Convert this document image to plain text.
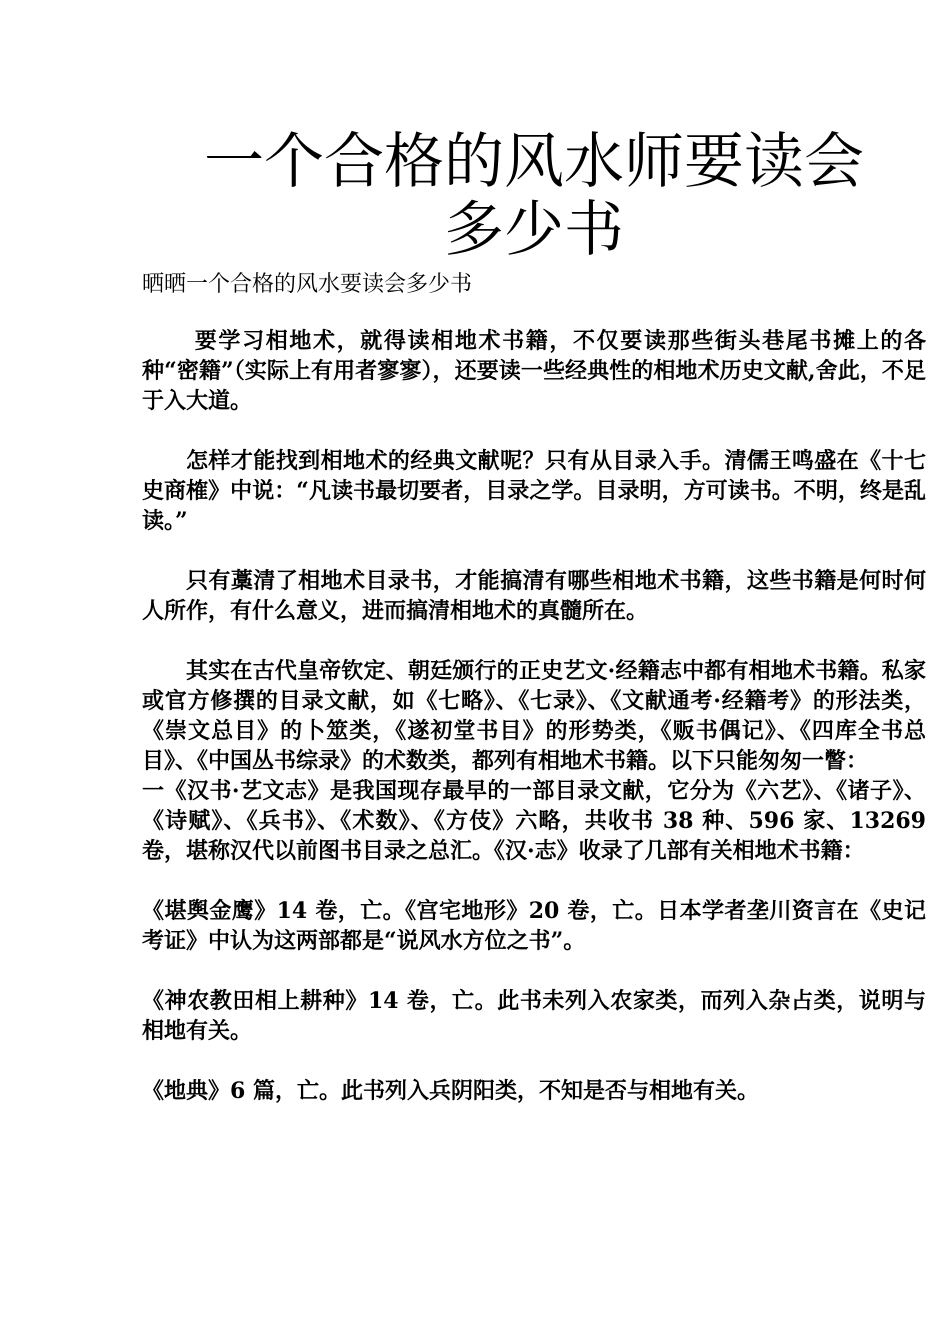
一个合格的风水师要读会
多少书

晒晒一个合格的风水要读会多少书

要学习相地术，就得读相地术书籍，不仅要读那些街头巷尾书摊上的各种“密籍”（实际上有用者寥寥），还要读一些经典性的相地术历史文献,舍此，不足于入大道。

怎样才能找到相地术的经典文献呢？只有从目录入手。清儒王鸣盛在《十七史商榷》中说：“凡读书最切要者，目录之学。目录明，方可读书。不明，终是乱读。”

只有藁清了相地术目录书，才能搞清有哪些相地术书籍，这些书籍是何时何人所作，有什么意义，进而搞清相地术的真髓所在。

其实在古代皇帝钦定、朝廷颁行的正史艺文·经籍志中都有相地术书籍。私家或官方修撰的目录文献，如《七略》、《七录》、《文献通考·经籍考》的形法类，《崇文总目》的卜筮类，《遂初堂书目》的形势类，《贩书偶记》、《四库全书总目》、《中国丛书综录》的术数类，都列有相地术书籍。以下只能匆匆一瞥：

一《汉书·艺文志》是我国现存最早的一部目录文献，它分为《六艺》、《诸子》、《诗赋》、《兵书》、《术数》、《方伎》六略，共收书 38 种、596 家、13269 卷，堪称汉代以前图书目录之总汇。《汉·志》收录了几部有关相地术书籍：

《堪舆金鹰》14 卷，亡。《宫宅地形》20 卷，亡。日本学者垄川资言在《史记考证》中认为这两部都是“说风水方位之书”。

《神农教田相上耕种》14 卷，亡。此书未列入农家类，而列入杂占类，说明与相地有关。

《地典》6 篇，亡。此书列入兵阴阳类，不知是否与相地有关。
